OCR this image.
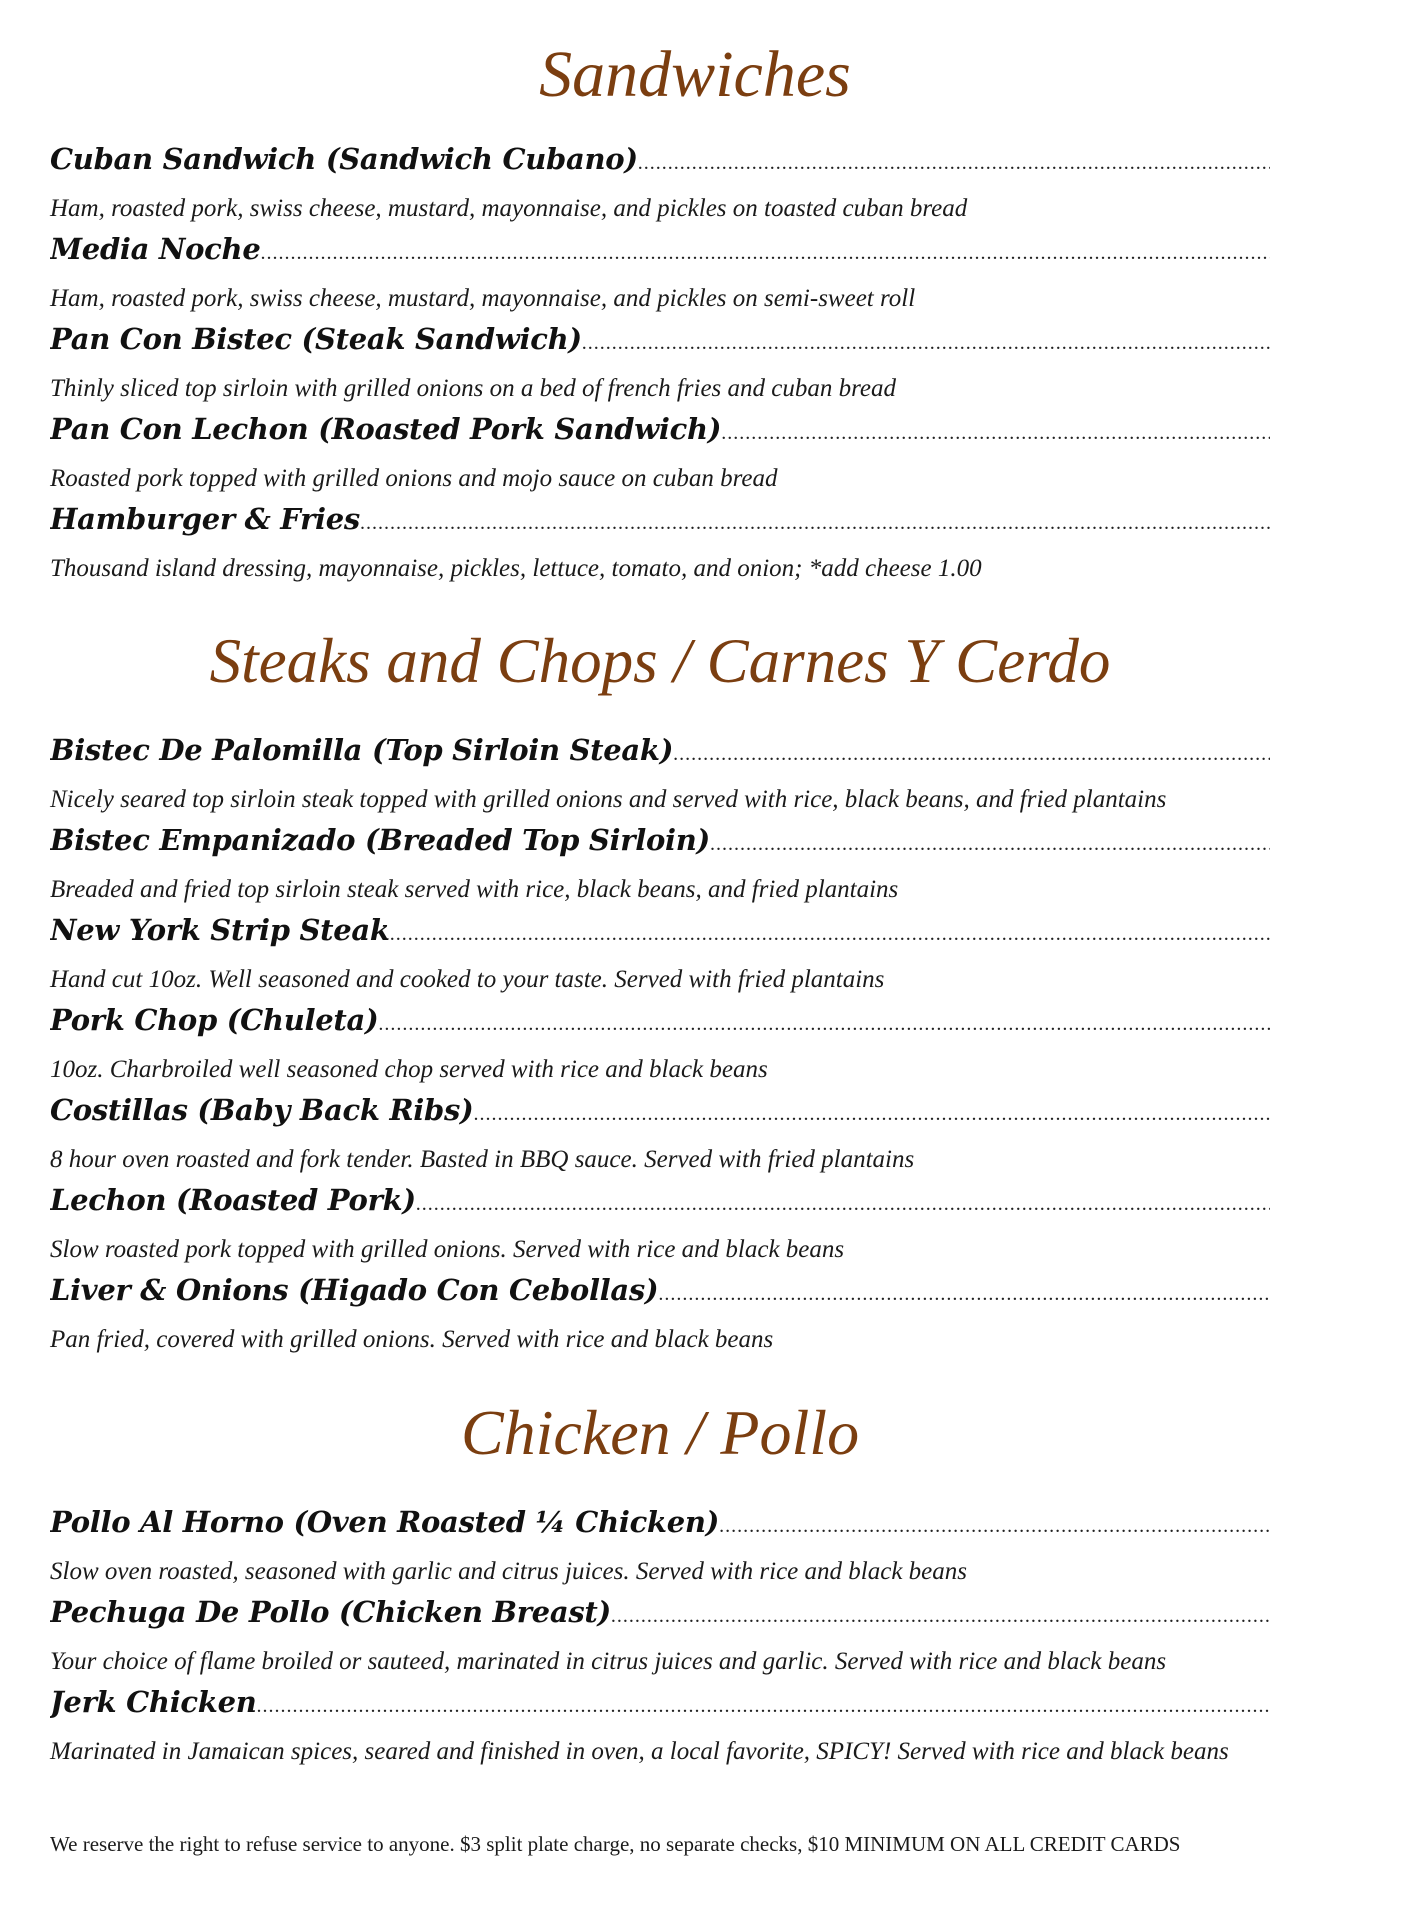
Sandwiches
Cuban Sandwich (Sandwich Cubano)
.....
Ham, roasted pork, swiss cheese, mustard, mayonnaise, and pickles on toasted cuban bread
Media Noche
.....
Ham, roasted pork, swiss cheese, mustard, mayonnaise, and pickles on semi-sweet roll
Pan Con Bistec (Steak Sandwich)
.....
Thinly sliced top sirloin with grilled onions on a bed of french fries and cuban bread
Pan Con Lechon (Roasted Pork Sandwich)
.....
Roasted pork topped with grilled onions and mojo sauce on cuban bread
Hamburger & Fries
.....
Thousand island dressing, mayonnaise, pickles, lettuce, tomato, and onion; *add cheese 1.00
Steaks and Chops / Carnes Y Cerdo
Bistec De Palomilla (Top Sirloin Steak)
.....
Nicely seared top sirloin steak topped with grilled onions and served with rice, black beans, and fried plantains
Bistec Empanizado (Breaded Top Sirloin)
.....
Breaded and fried top sirloin steak served with rice, black beans, and fried plantains
New York Strip Steak
.....
Hand cut 10oz. Well seasoned and cooked to your taste. Served with fried plantains
Pork Chop (Chuleta)
.....
10oz. Charbroiled well seasoned chop served with rice and black beans
Costillas (Baby Back Ribs)
.....
8 hour oven roasted and fork tender. Basted in BBQ sauce. Served with fried plantains
Lechon (Roasted Pork)
.....
Slow roasted pork topped with grilled onions. Served with rice and black beans
Liver & Onions (Higado Con Cebollas)
.....
Pan fried, covered with grilled onions. Served with rice and black beans
Chicken / Pollo
Pollo Al Horno (Oven Roasted ¼ Chicken)
.....
Slow oven roasted, seasoned with garlic and citrus juices. Served with rice and black beans
Pechuga De Pollo (Chicken Breast)
.....
Your choice of flame broiled or sauteed, marinated in citrus juices and garlic. Served with rice and black beans
Jerk Chicken
.....
Marinated in Jamaican spices, seared and finished in oven, a local favorite, SPICY! Served with rice and black beans
We reserve the right to refuse service to anyone. $3 split plate charge, no separate checks, $10 MINIMUM ON ALL CREDIT CARDS
